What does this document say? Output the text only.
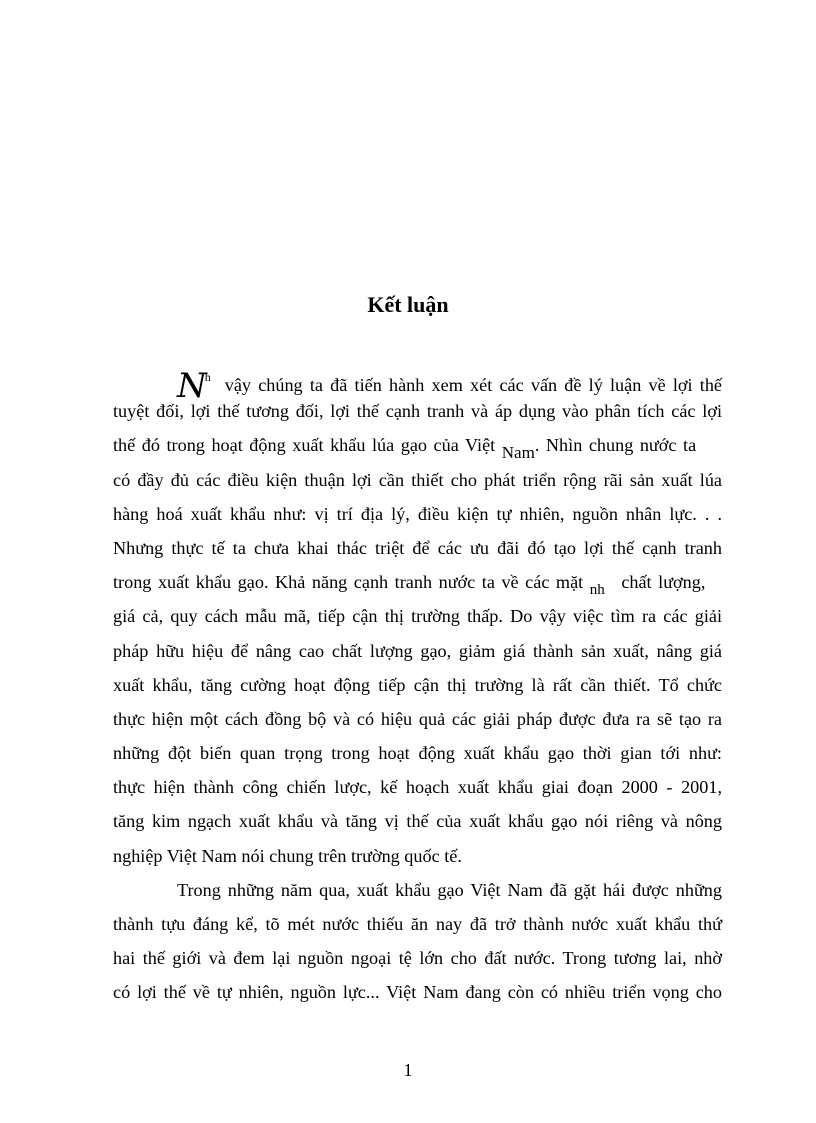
Kết luận
$N^h$ vậy chúng ta đã tiến hành xem xét các vấn đề lý luận về lợi thế
tuyệt đối, lợi thế tương đối, lợi thế cạnh tranh và áp dụng vào phân tích các lợi
thế đó trong hoạt động xuất khẩu lúa gạo của Việt Nam. Nhìn chung nước ta
có đầy đủ các điều kiện thuận lợi cần thiết cho phát triển rộng rãi sản xuất lúa
hàng hoá xuất khẩu như: vị trí địa lý, điều kiện tự nhiên, nguồn nhân lực. . .
Nhưng thực tế ta chưa khai thác triệt để các ưu đãi đó tạo lợi thế cạnh tranh
trong xuất khẩu gạo. Khả năng cạnh tranh nước ta về các mặt $_{nh}$ chất lượng,
giá cả, quy cách mẫu mã, tiếp cận thị trường thấp. Do vậy việc tìm ra các giải
pháp hữu hiệu để nâng cao chất lượng gạo, giảm giá thành sản xuất, nâng giá
xuất khẩu, tăng cường hoạt động tiếp cận thị trường là rất cần thiết. Tổ chức
thực hiện một cách đồng bộ và có hiệu quả các giải pháp được đưa ra sẽ tạo ra
những đột biến quan trọng trong hoạt động xuất khẩu gạo thời gian tới như:
thực hiện thành công chiến lược, kế hoạch xuất khẩu giai đoạn 2000 - 2001,
tăng kim ngạch xuất khẩu và tăng vị thế của xuất khẩu gạo nói riêng và nông
nghiệp Việt Nam nói chung trên trường quốc tế.
Trong những năm qua, xuất khẩu gạo Việt Nam đã gặt hái được những
thành tựu đáng kể, tõ mét nước thiếu ăn nay đã trở thành nước xuất khẩu thứ
hai thế giới và đem lại nguồn ngoại tệ lớn cho đất nước. Trong tương lai, nhờ
có lợi thế về tự nhiên, nguồn lực... Việt Nam đang còn có nhiều triển vọng cho
1
